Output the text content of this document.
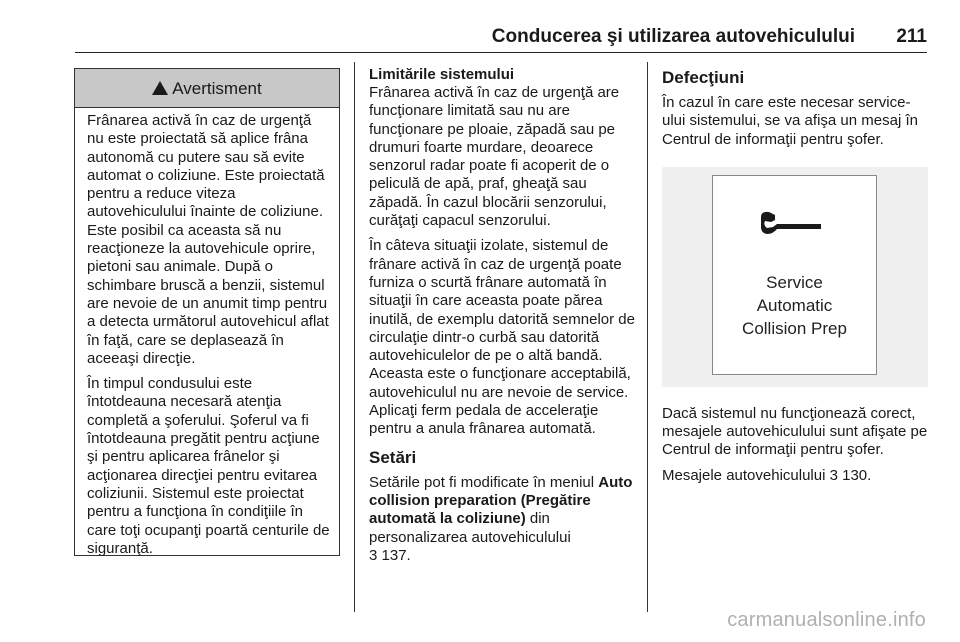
Conducerea şi utilizarea autovehiculului 211
!Avertisment

Frânarea activă în caz de urgenţă nu este proiectată să aplice frâna autonomă cu putere sau să evite automat o coliziune. Este proiectată pentru a reduce viteza autovehiculului înainte de coliziune. Este posibil ca aceasta să nu reacţioneze la autovehicule oprire, pietoni sau animale. După o schimbare bruscă a benzii, sistemul are nevoie de un anumit timp pentru a detecta următorul autovehicul aflat în faţă, care se deplasează în aceeaşi direcţie.

În timpul condusului este întotdeauna necesară atenţia completă a şoferului. Şoferul va fi întotdeauna pregătit pentru acţiune şi pentru aplicarea frânelor şi acţionarea direcţiei pentru evitarea coliziunii. Sistemul este proiectat pentru a funcţiona în condiţiile în care toţi ocupanţi poartă centurile de siguranţă.

Limitările sistemului

Frânarea activă în caz de urgenţă are funcţionare limitată sau nu are funcţionare pe ploaie, zăpadă sau pe drumuri foarte murdare, deoarece senzorul radar poate fi acoperit de o peliculă de apă, praf, gheaţă sau zăpadă. În cazul blocării senzorului, curăţaţi capacul senzorului.

În câteva situaţii izolate, sistemul de frânare activă în caz de urgenţă poate furniza o scurtă frânare automată în situaţii în care aceasta poate părea inutilă, de exemplu datorită semnelor de circulaţie dintr-o curbă sau datorită autovehiculelor de pe o altă bandă. Aceasta este o funcţionare acceptabilă, autovehiculul nu are nevoie de service. Aplicaţi ferm pedala de acceleraţie pentru a anula frânarea automată.

Setări

Setările pot fi modificate în meniul Auto collision preparation (Pregătire automată la coliziune) din personalizarea autovehiculului
3 137.

Defecţiuni

În cazul în care este necesar service-ului sistemului, se va afişa un mesaj în Centrul de informaţii pentru şofer.

Service
Automatic
Collision Prep

Dacă sistemul nu funcţionează corect, mesajele autovehiculului sunt afişate pe Centrul de informaţii pentru şofer.

Mesajele autovehiculului 3 130.

carmanualsonline.info
